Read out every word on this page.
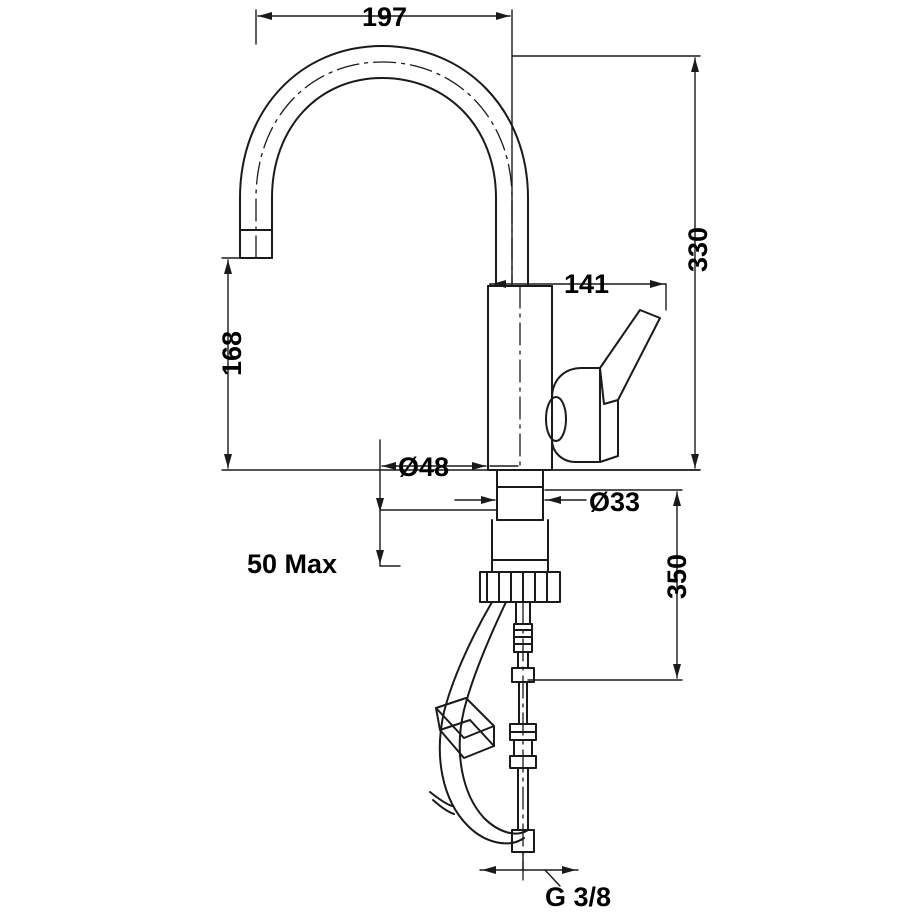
197
141
330
168
Ø48
Ø33
350
50 Max
G 3/8
